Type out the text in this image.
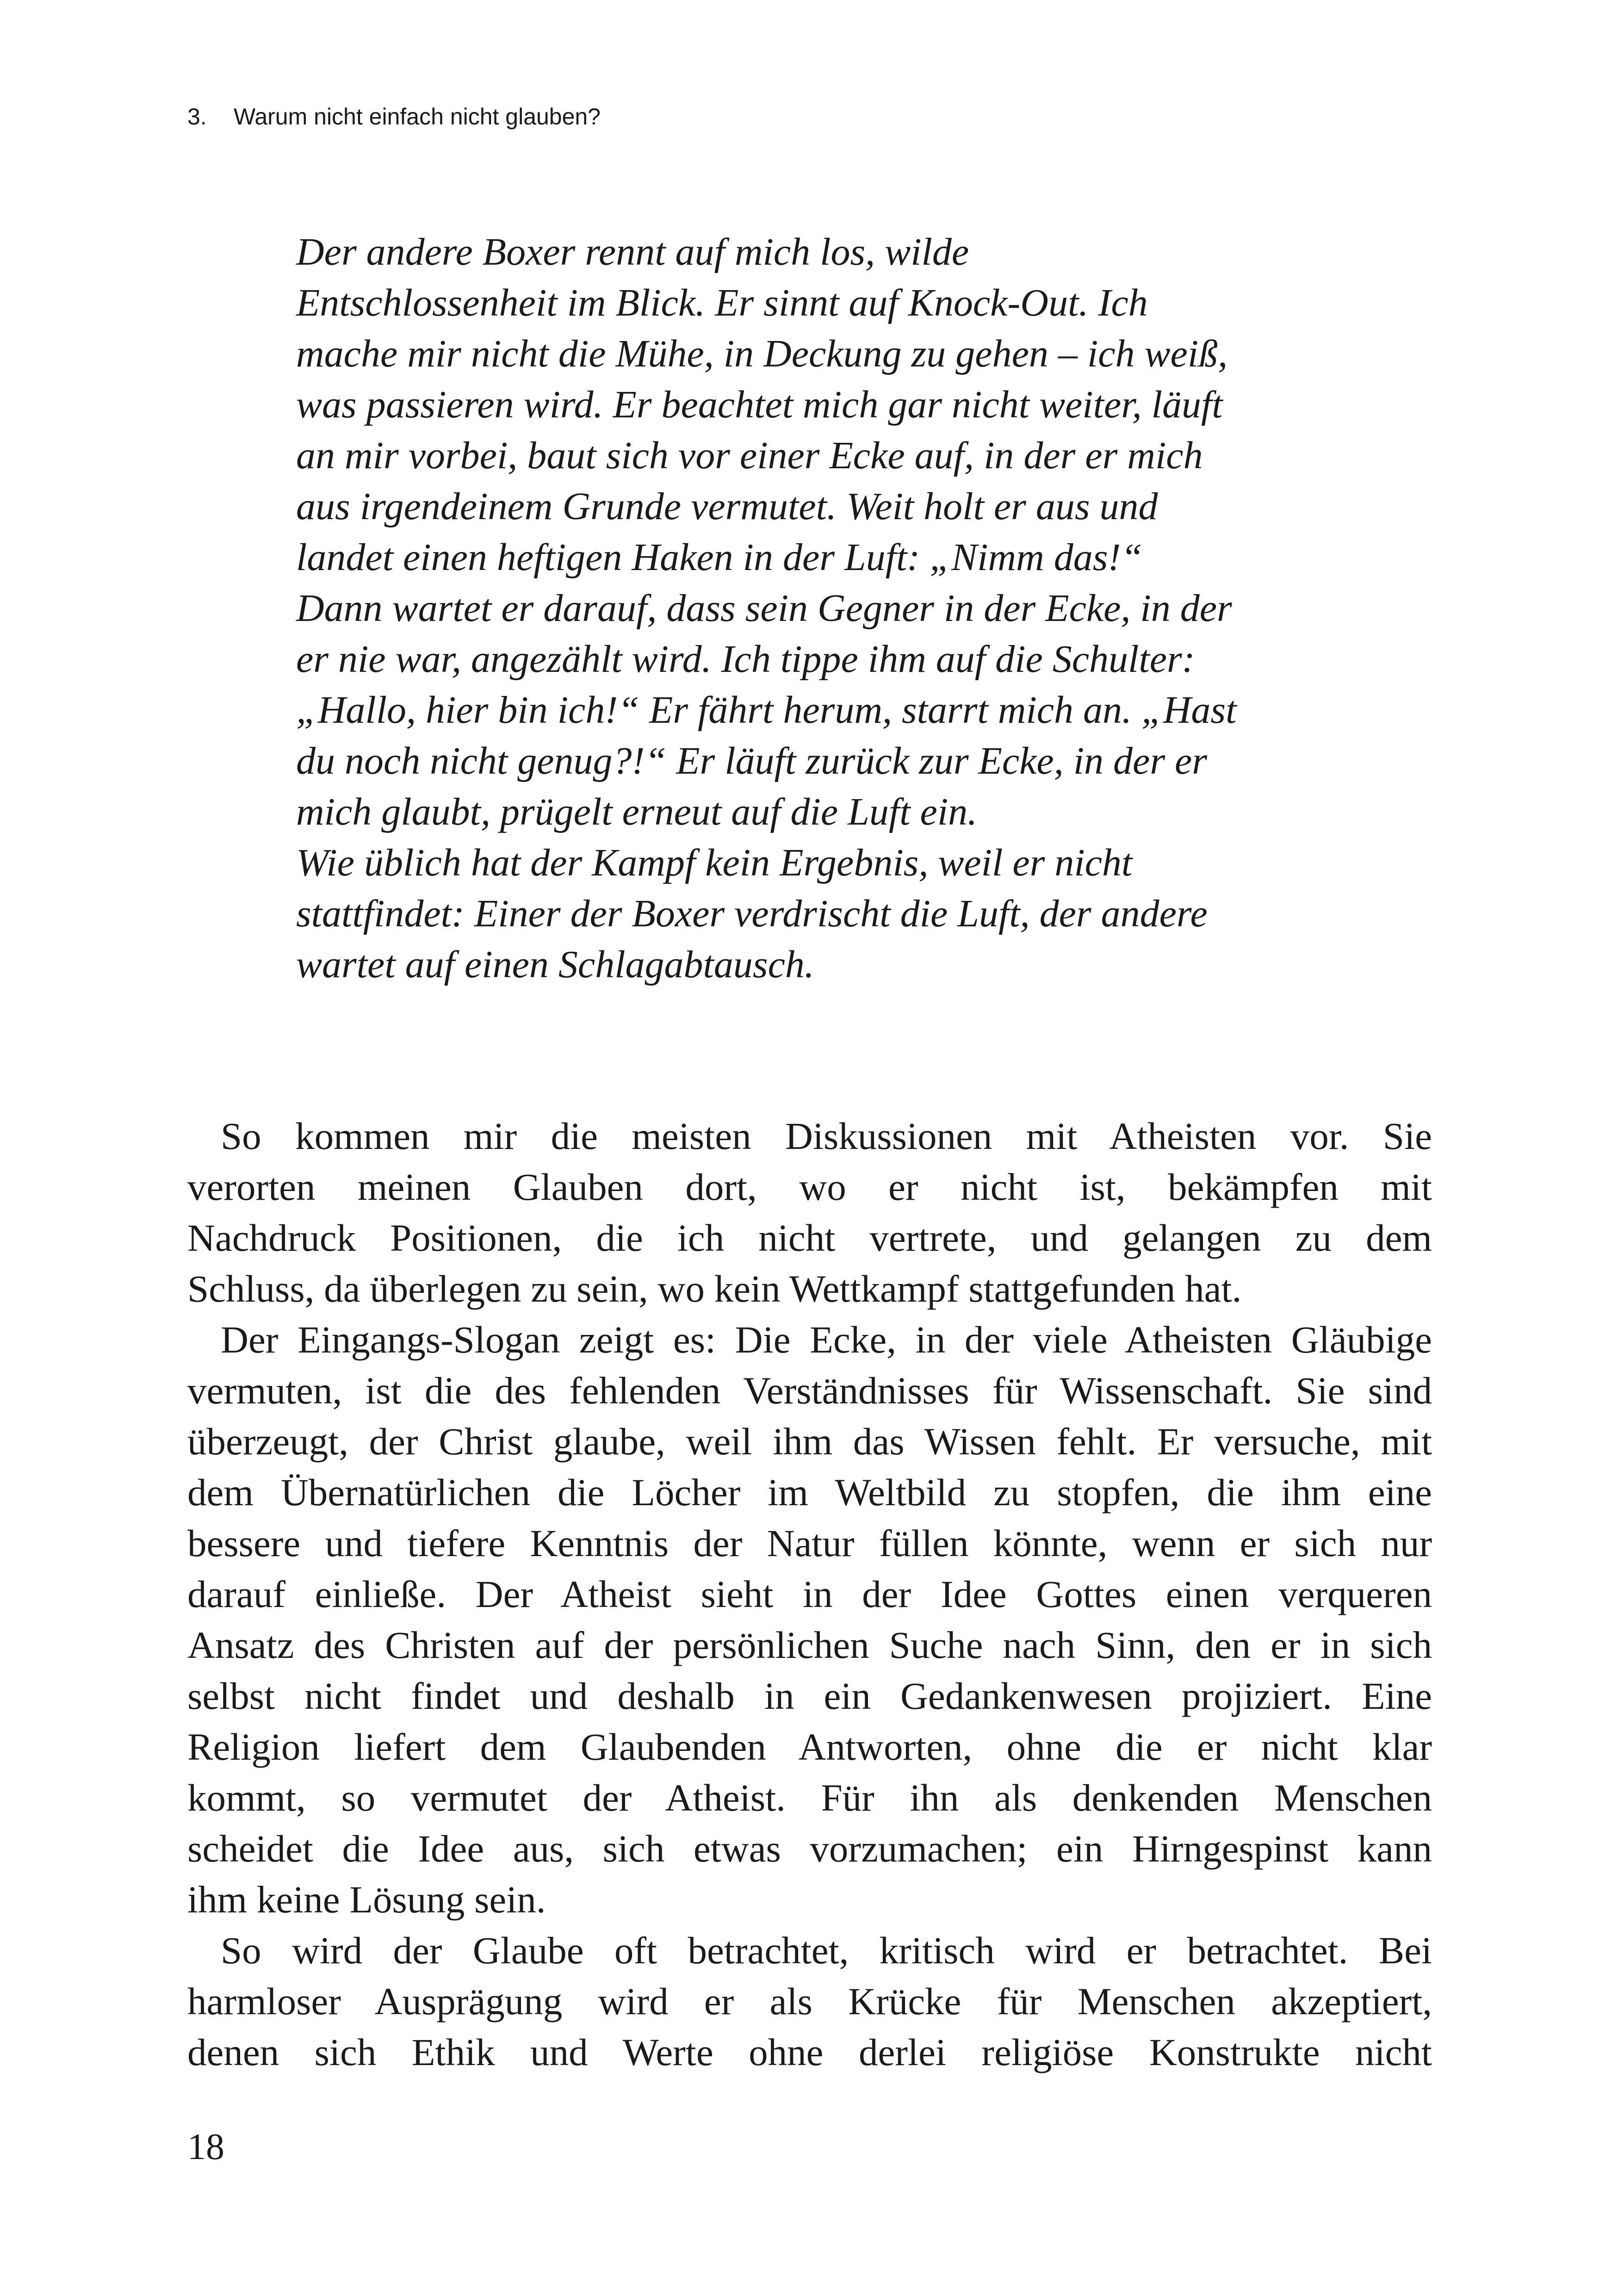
3. Warum nicht einfach nicht glauben?
Der andere Boxer rennt auf mich los, wilde
Entschlossenheit im Blick. Er sinnt auf Knock-Out. Ich
mache mir nicht die Mühe, in Deckung zu gehen – ich weiß,
was passieren wird. Er beachtet mich gar nicht weiter, läuft
an mir vorbei, baut sich vor einer Ecke auf, in der er mich
aus irgendeinem Grunde vermutet. Weit holt er aus und
landet einen heftigen Haken in der Luft: „Nimm das!“
Dann wartet er darauf, dass sein Gegner in der Ecke, in der
er nie war, angezählt wird. Ich tippe ihm auf die Schulter:
„Hallo, hier bin ich!“ Er fährt herum, starrt mich an. „Hast
du noch nicht genug?!“ Er läuft zurück zur Ecke, in der er
mich glaubt, prügelt erneut auf die Luft ein.
Wie üblich hat der Kampf kein Ergebnis, weil er nicht
stattfindet: Einer der Boxer verdrischt die Luft, der andere
wartet auf einen Schlagabtausch.
So kommen mir die meisten Diskussionen mit Atheisten vor. Sie
verorten meinen Glauben dort, wo er nicht ist, bekämpfen mit
Nachdruck Positionen, die ich nicht vertrete, und gelangen zu dem
Schluss, da überlegen zu sein, wo kein Wettkampf stattgefunden hat.
Der Eingangs-Slogan zeigt es: Die Ecke, in der viele Atheisten Gläubige
vermuten, ist die des fehlenden Verständnisses für Wissenschaft. Sie sind
überzeugt, der Christ glaube, weil ihm das Wissen fehlt. Er versuche, mit
dem Übernatürlichen die Löcher im Weltbild zu stopfen, die ihm eine
bessere und tiefere Kenntnis der Natur füllen könnte, wenn er sich nur
darauf einließe. Der Atheist sieht in der Idee Gottes einen verqueren
Ansatz des Christen auf der persönlichen Suche nach Sinn, den er in sich
selbst nicht findet und deshalb in ein Gedankenwesen projiziert. Eine
Religion liefert dem Glaubenden Antworten, ohne die er nicht klar
kommt, so vermutet der Atheist. Für ihn als denkenden Menschen
scheidet die Idee aus, sich etwas vorzumachen; ein Hirngespinst kann
ihm keine Lösung sein.
So wird der Glaube oft betrachtet, kritisch wird er betrachtet. Bei
harmloser Ausprägung wird er als Krücke für Menschen akzeptiert,
denen sich Ethik und Werte ohne derlei religiöse Konstrukte nicht
18
